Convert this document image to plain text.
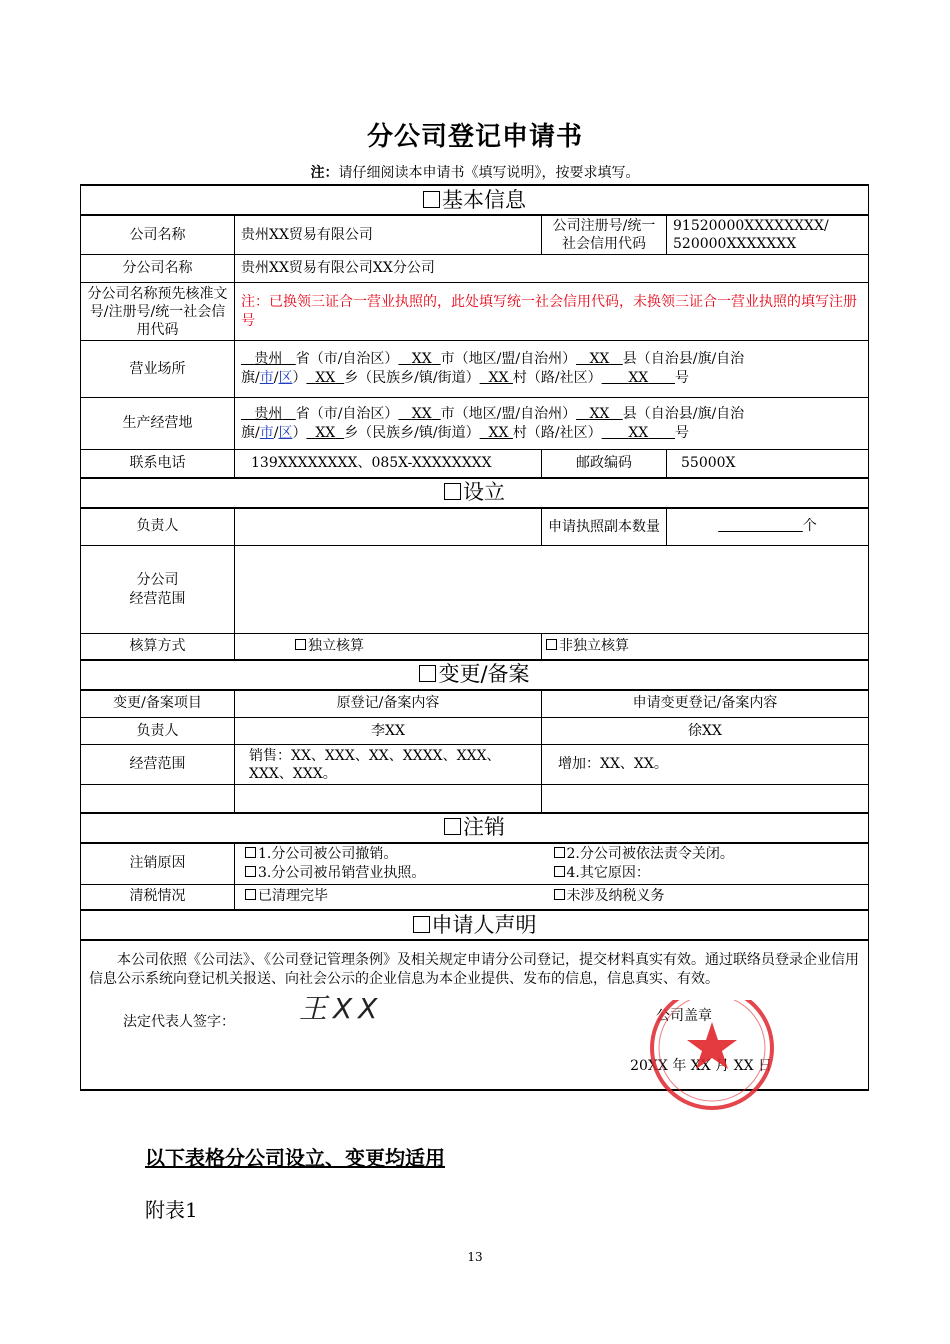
分公司登记申请书
注：请仔细阅读本申请书《填写说明》，按要求填写。
基本信息			
公司名称	贵州XX贸易有限公司	公司注册号/统一社会信用代码	91520000XXXXXXXX/
520000XXXXXXX
分公司名称	贵州XX贸易有限公司XX分公司		
分公司名称预先核准文号/注册号/统一社会信用代码	注：已换领三证合一营业执照的，此处填写统一社会信用代码，未换领三证合一营业执照的填写注册号		
营业场所	贵州 省（市/自治区） XX 市（地区/盟/自治州） XX 县（自治县/旗/自治
旗/市/区） XX 乡（民族乡/镇/街道） XX 村（路/社区） XX 号		
生产经营地	贵州 省（市/自治区） XX 市（地区/盟/自治州） XX 县（自治县/旗/自治
旗/市/区） XX 乡（民族乡/镇/街道） XX 村（路/社区） XX 号		
联系电话	139XXXXXXXX、085X-XXXXXXXX	邮政编码	55000X
设立			
负责人		申请执照副本数量	个
分公司
经营范围			
核算方式	独立核算	非独立核算	
变更/备案			
变更/备案项目	原登记/备案内容	申请变更登记/备案内容	
负责人	李XX	徐XX	
经营范围	销售：XX、XXX、XX、XXXX、XXX、XXX、XXX。	增加：XX、XX。	

注销			
注销原因	1.分公司被公司撤销。 2.分公司被依法责令关闭。
3.分公司被吊销营业执照。 4.其它原因：		

清税情况	已清理完毕 未涉及纳税义务		

申请人声明			

本公司依照《公司法》、《公司登记管理条例》及相关规定申请分公司登记，提交材料真实有效。通过联络员登录企业信用信息公示系统向登记机关报送、向社会公示的企业信息为本企业提供、发布的信息，信息真实、有效。

法定代表人签字： 王XX 公司盖章
20XX 年 XX 月 XX 日			
以下表格分公司设立、变更均适用
附表1
13
